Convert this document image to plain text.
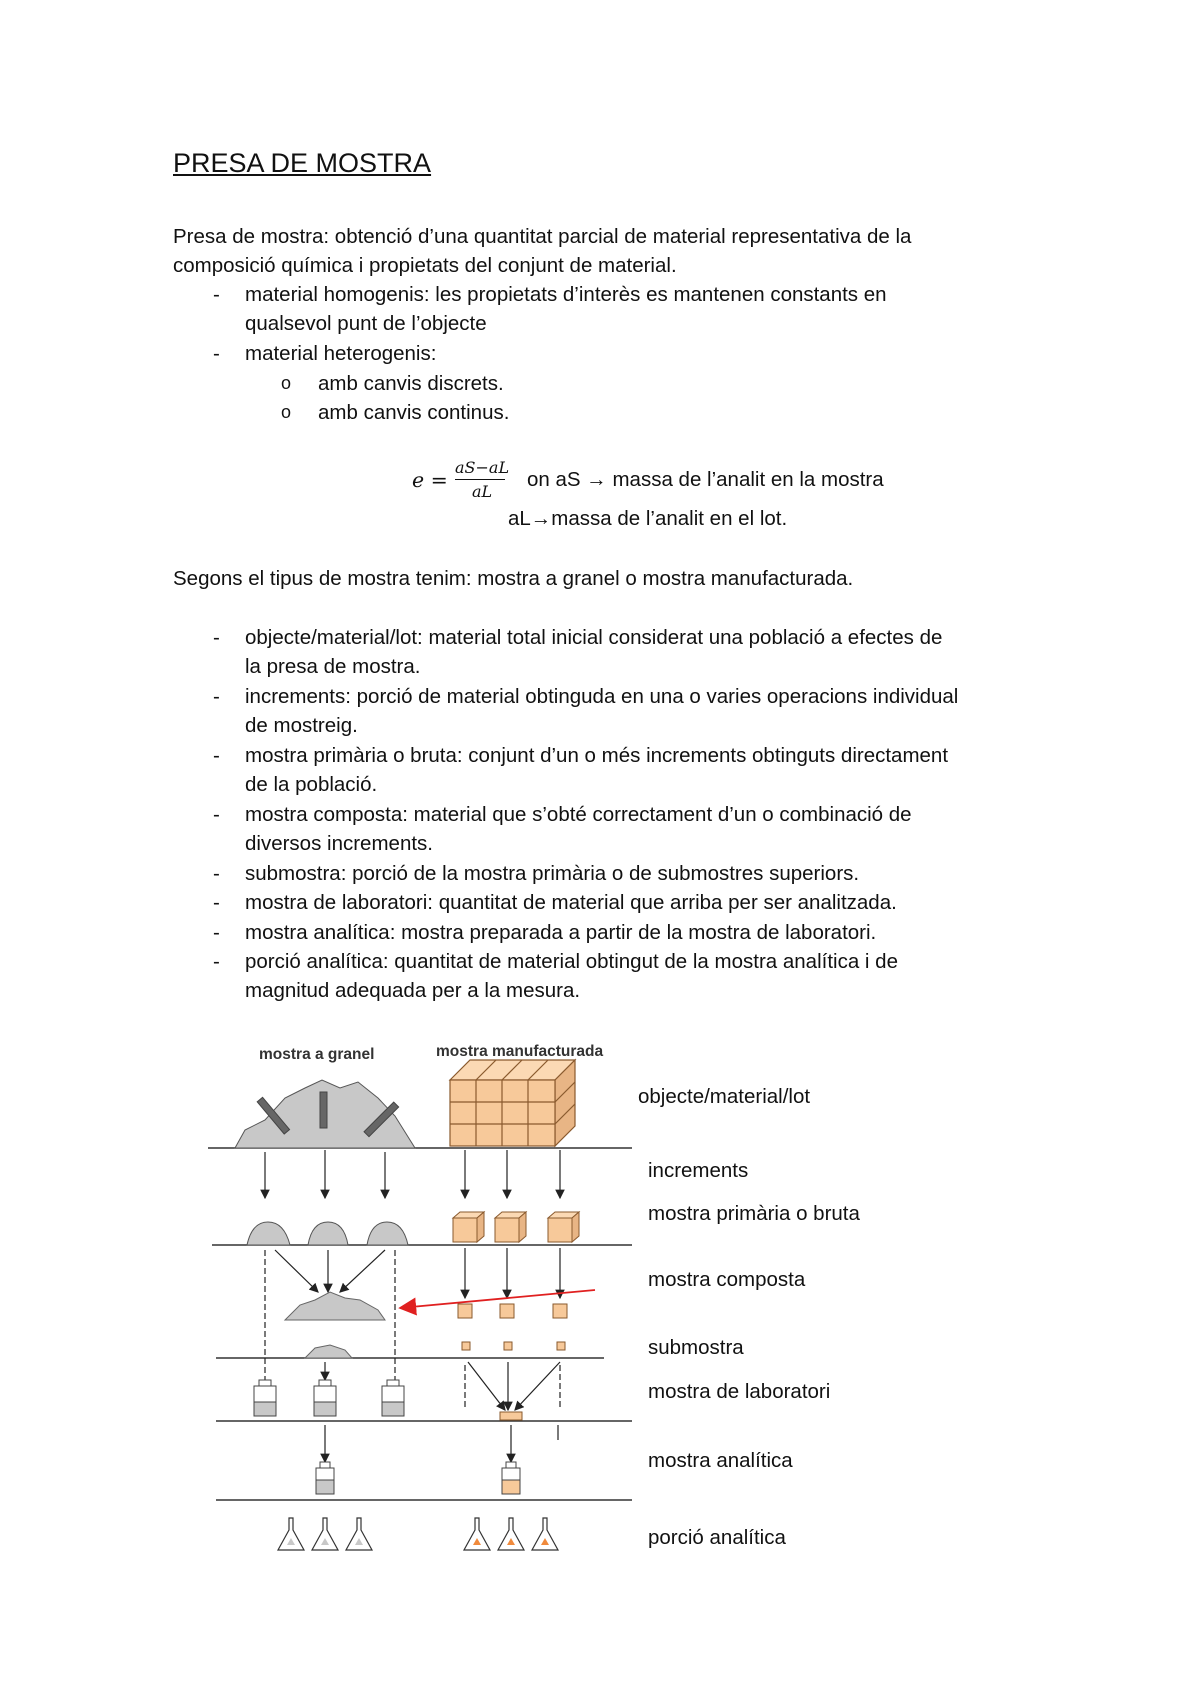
PRESA DE MOSTRA
Presa de mostra: obtenció d’una quantitat parcial de material representativa de la
composició química i propietats del conjunt de material.
- material homogenis: les propietats d’interès es mantenen constants en
qualsevol punt de l’objecte
- material heterogenis:
o amb canvis discrets.
o amb canvis continus.
e =
aS−aL
aL
on aS → massa de l’analit en la mostra
aL→massa de l’analit en el lot.
Segons el tipus de mostra tenim: mostra a granel o mostra manufacturada.
- objecte/material/lot: material total inicial considerat una població a efectes de
la presa de mostra.
- increments: porció de material obtinguda en una o varies operacions individual
de mostreig.
- mostra primària o bruta: conjunt d’un o més increments obtinguts directament
de la població.
- mostra composta: material que s’obté correctament d’un o combinació de
diversos increments.
- submostra: porció de la mostra primària o de submostres superiors.
- mostra de laboratori: quantitat de material que arriba per ser analitzada.
- mostra analítica: mostra preparada a partir de la mostra de laboratori.
- porció analítica: quantitat de material obtingut de la mostra analítica i de
magnitud adequada per a la mesura.
mostra a granel	mostra manufacturada
objecte/material/lot
increments
mostra primària o bruta
mostra composta
submostra
mostra de laboratori
mostra analítica
porció analítica
